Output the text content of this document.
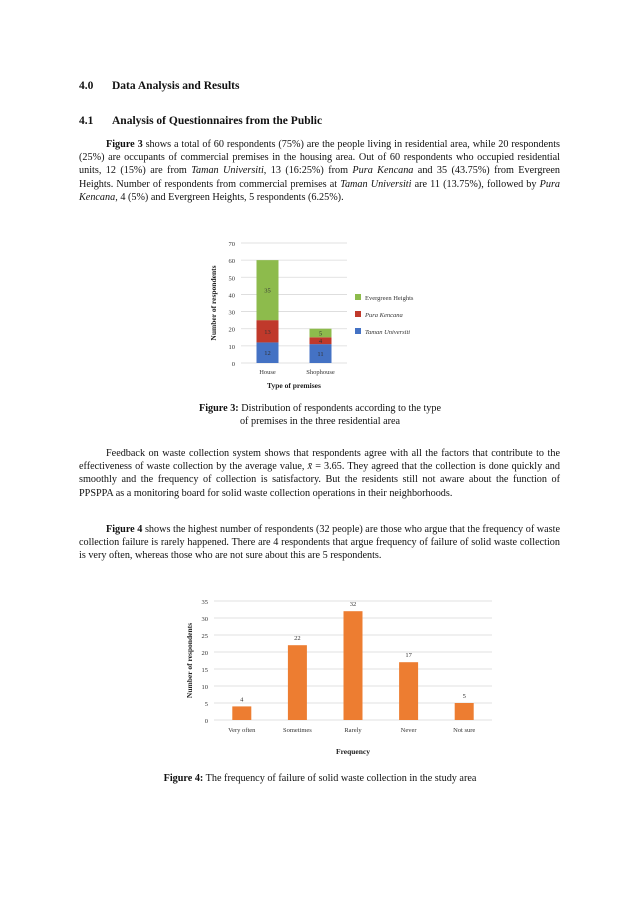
4.0 Data Analysis and Results
4.1 Analysis of Questionnaires from the Public

Figure 3 shows a total of 60 respondents (75%) are the people living in residential area, while 20 respondents (25%) are occupants of commercial premises in the housing area. Out of 60 respondents who occupied residential units, 12 (15%) are from Taman Universiti, 13 (16:25%) from Pura Kencana and 35 (43.75%) from Evergreen Heights. Number of respondents from commercial premises at Taman Universiti are 11 (13.75%), followed by Pura Kencana, 4 (5%) and Evergreen Heights, 5 respondents (6.25%).

0
10
20
30
40
50
60
70
12
13
35
House
11
4
5
Shophouse
Type of premises
Number of respondents	Evergreen Heights
Pura Kencana
Taman Universiti

Figure 3: Distribution of respondents according to the type
of premises in the three residential area

Feedback on waste collection system shows that respondents agree with all the factors that contribute to the effectiveness of waste collection by the average value, x̄ = 3.65. They agreed that the collection is done quickly and smoothly and the frequency of collection is satisfactory. But the residents still not aware about the function of PPSPPA as a monitoring board for solid waste collection operations in their neighborhoods.

Figure 4 shows the highest number of respondents (32 people) are those who argue that the frequency of waste collection failure is rarely happened. There are 4 respondents that argue frequency of failure of solid waste collection is very often, whereas those who are not sure about this are 5 respondents.

0
5
10
15
20
25
30
35
4
Very often
22
Sometimes
32
Rarely
17
Never
5
Not sure
Frequency
Number of respondents

Figure 4: The frequency of failure of solid waste collection in the study area
